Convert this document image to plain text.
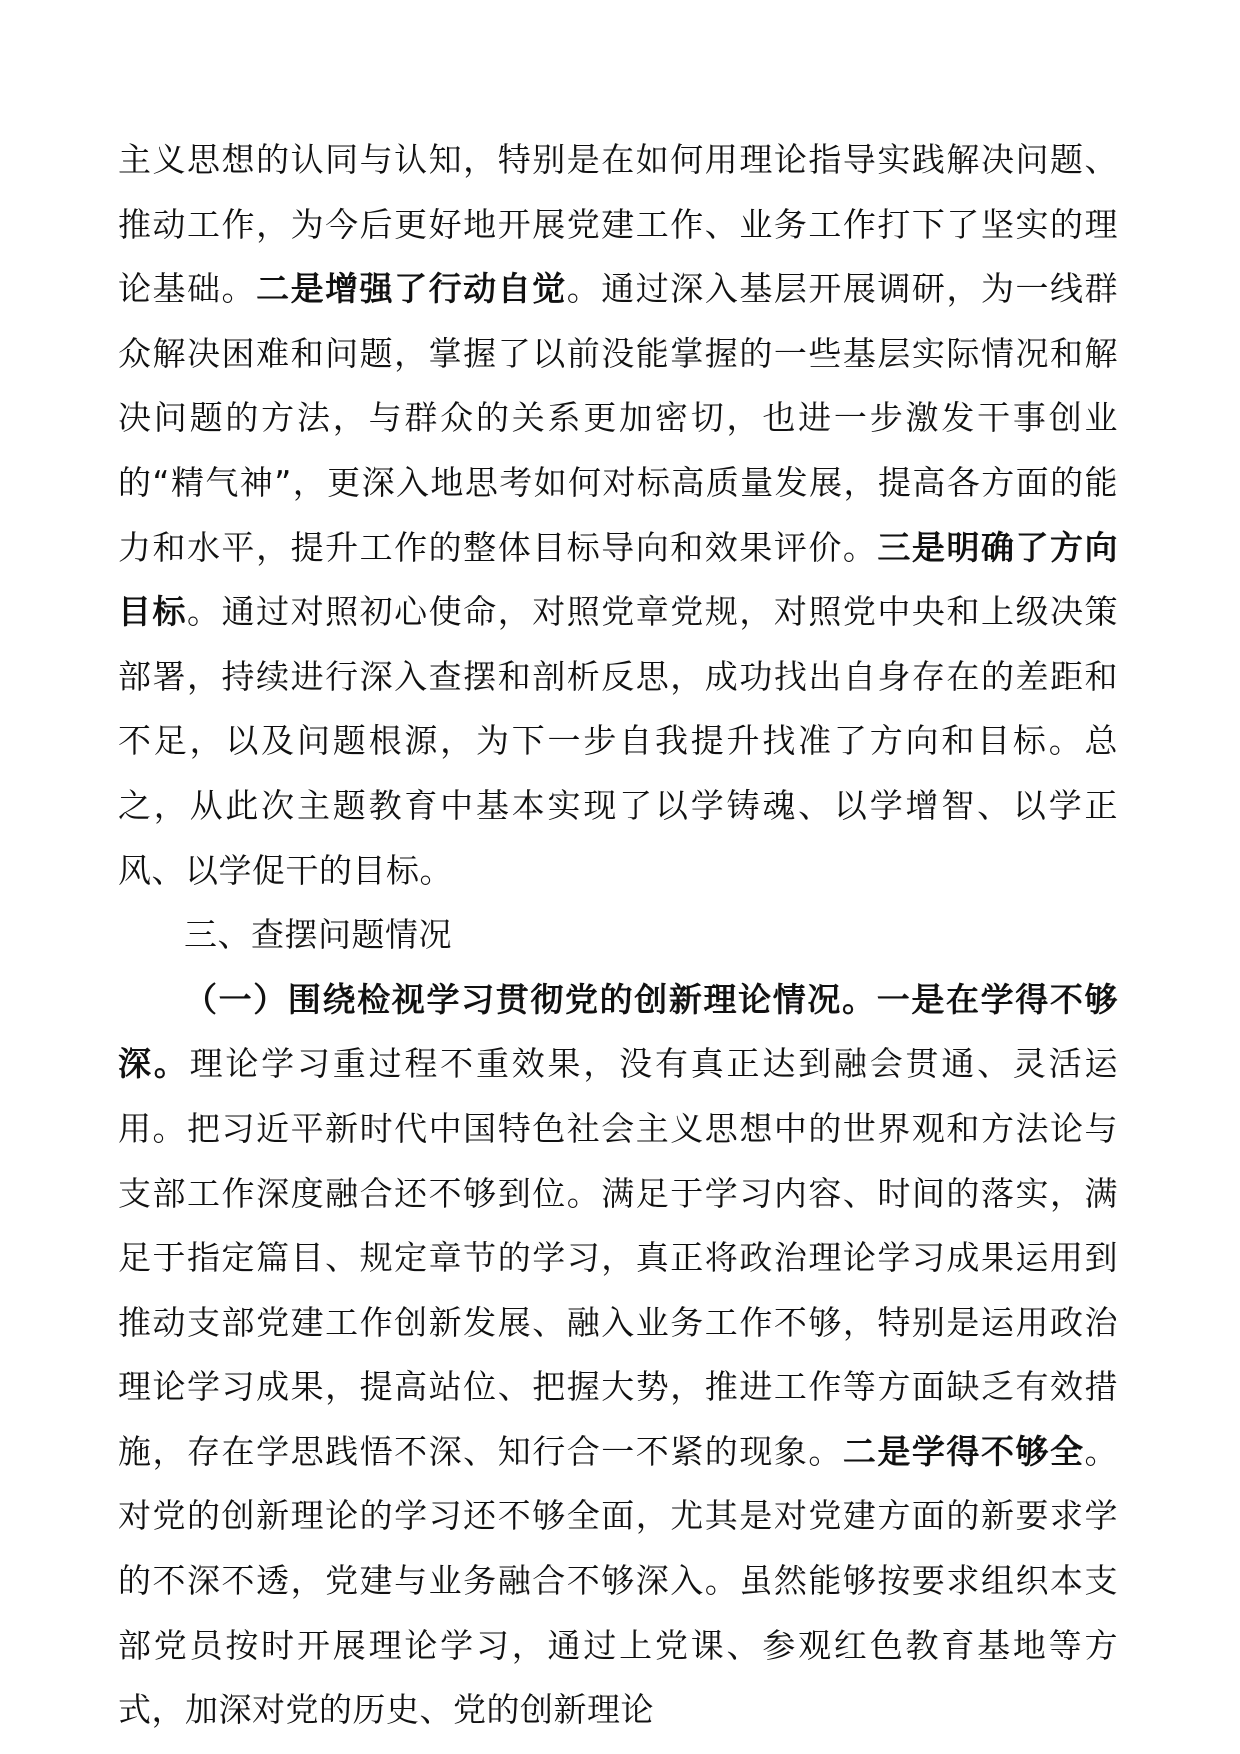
主义思想的认同与认知，特别是在如何用理论指导实践解决问题、推动工作，为今后更好地开展党建工作、业务工作打下了坚实的理论基础。二是增强了行动自觉。通过深入基层开展调研，为一线群众解决困难和问题，掌握了以前没能掌握的一些基层实际情况和解决问题的方法，与群众的关系更加密切，也进一步激发干事创业的“精气神”，更深入地思考如何对标高质量发展，提高各方面的能力和水平，提升工作的整体目标导向和效果评价。三是明确了方向目标。通过对照初心使命，对照党章党规，对照党中央和上级决策部署，持续进行深入查摆和剖析反思，成功找出自身存在的差距和不足，以及问题根源，为下一步自我提升找准了方向和目标。总之，从此次主题教育中基本实现了以学铸魂、以学增智、以学正风、以学促干的目标。

三、查摆问题情况

（一）围绕检视学习贯彻党的创新理论情况。一是在学得不够深。理论学习重过程不重效果，没有真正达到融会贯通、灵活运用。把习近平新时代中国特色社会主义思想中的世界观和方法论与支部工作深度融合还不够到位。满足于学习内容、时间的落实，满足于指定篇目、规定章节的学习，真正将政治理论学习成果运用到推动支部党建工作创新发展、融入业务工作不够，特别是运用政治理论学习成果，提高站位、把握大势，推进工作等方面缺乏有效措施，存在学思践悟不深、知行合一不紧的现象。二是学得不够全。对党的创新理论的学习还不够全面，尤其是对党建方面的新要求学的不深不透，党建与业务融合不够深入。虽然能够按要求组织本支部党员按时开展理论学习，通过上党课、参观红色教育基地等方式，加深对党的历史、党的创新理论
